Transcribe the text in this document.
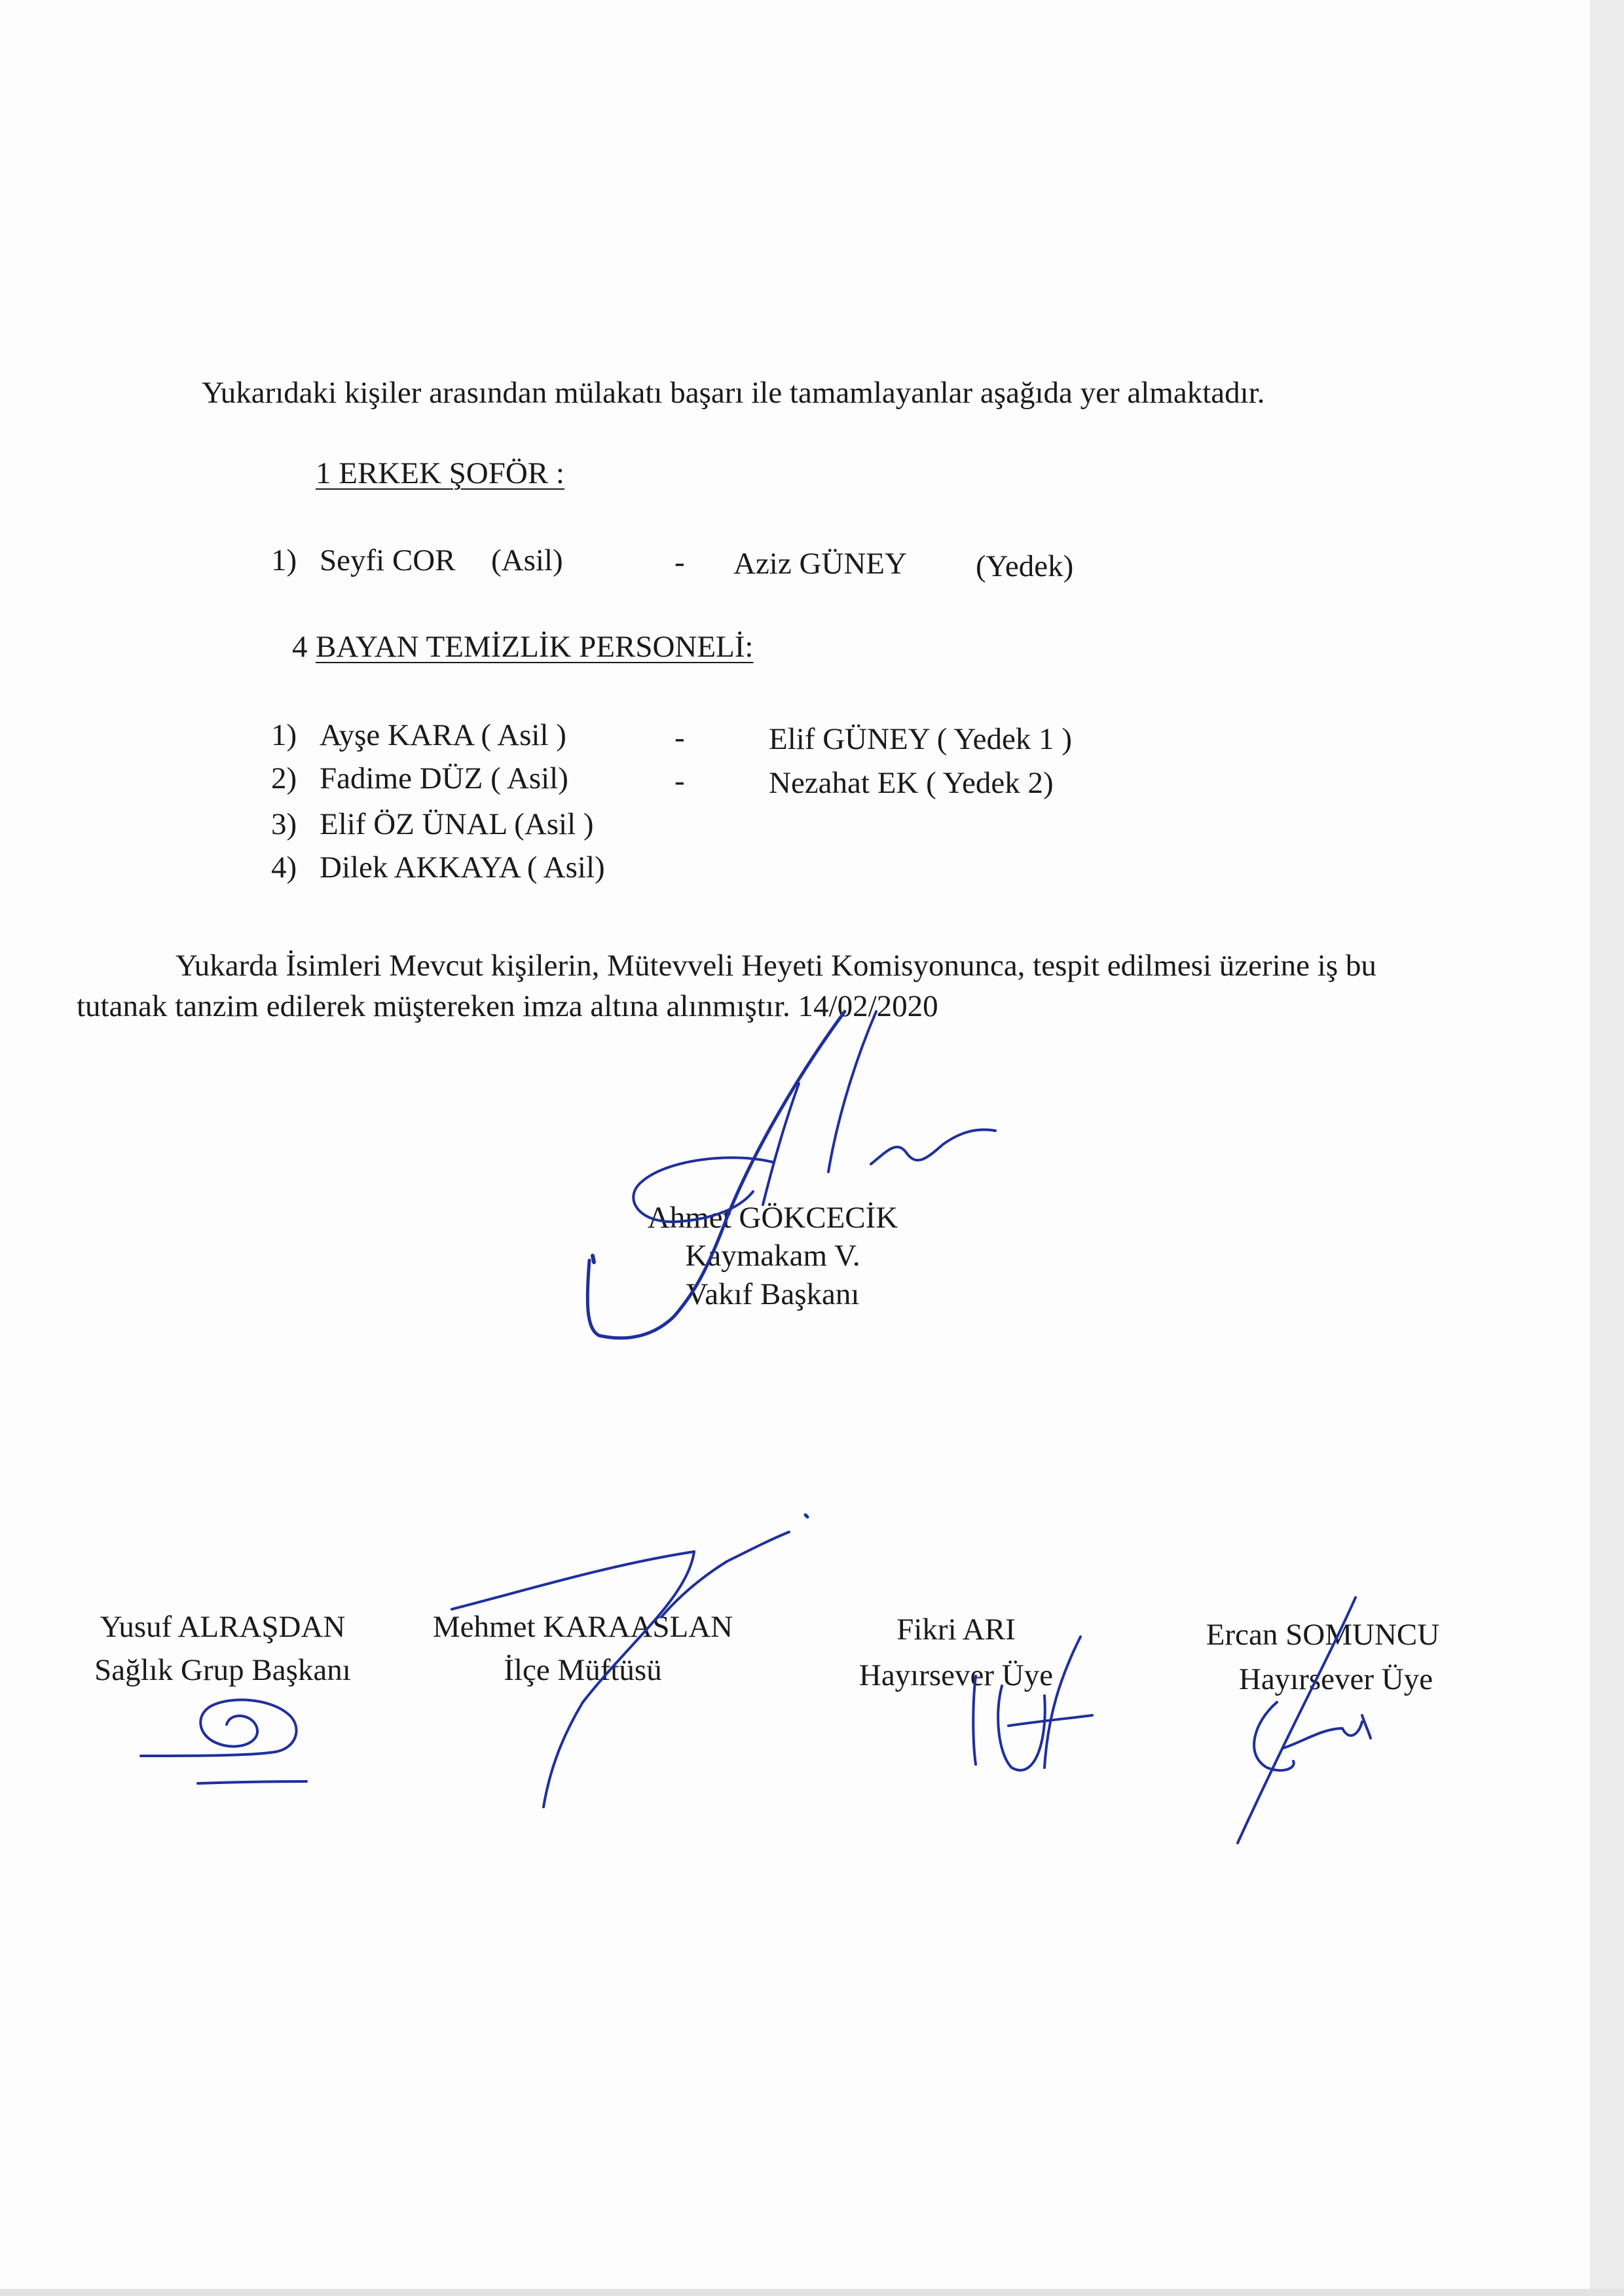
Yukarıdaki kişiler arasından mülakatı başarı ile tamamlayanlar aşağıda yer almaktadır.
1 ERKEK ŞOFÖR :
1) Seyfi COR (Asil)	- Aziz GÜNEY (Yedek)
4 BAYAN TEMİZLİK PERSONELİ:
1) Ayşe KARA ( Asil )	-	Elif GÜNEY ( Yedek 1 )
2) Fadime DÜZ ( Asil)	-	Nezahat EK ( Yedek 2)
3) Elif ÖZ ÜNAL (Asil )
4) Dilek AKKAYA ( Asil)
Yukarda İsimleri Mevcut kişilerin, Mütevveli Heyeti Komisyonunca, tespit edilmesi üzerine iş bu
tutanak tanzim edilerek müştereken imza altına alınmıştır. 14/02/2020
Ahmet GÖKCECİK
Kaymakam V.
Vakıf Başkanı
Yusuf ALRAŞDAN
Sağlık Grup Başkanı
Mehmet KARAASLAN
İlçe Müftüsü
Fikri ARI
Hayırsever Üye
Ercan SOMUNCU
Hayırsever Üye
